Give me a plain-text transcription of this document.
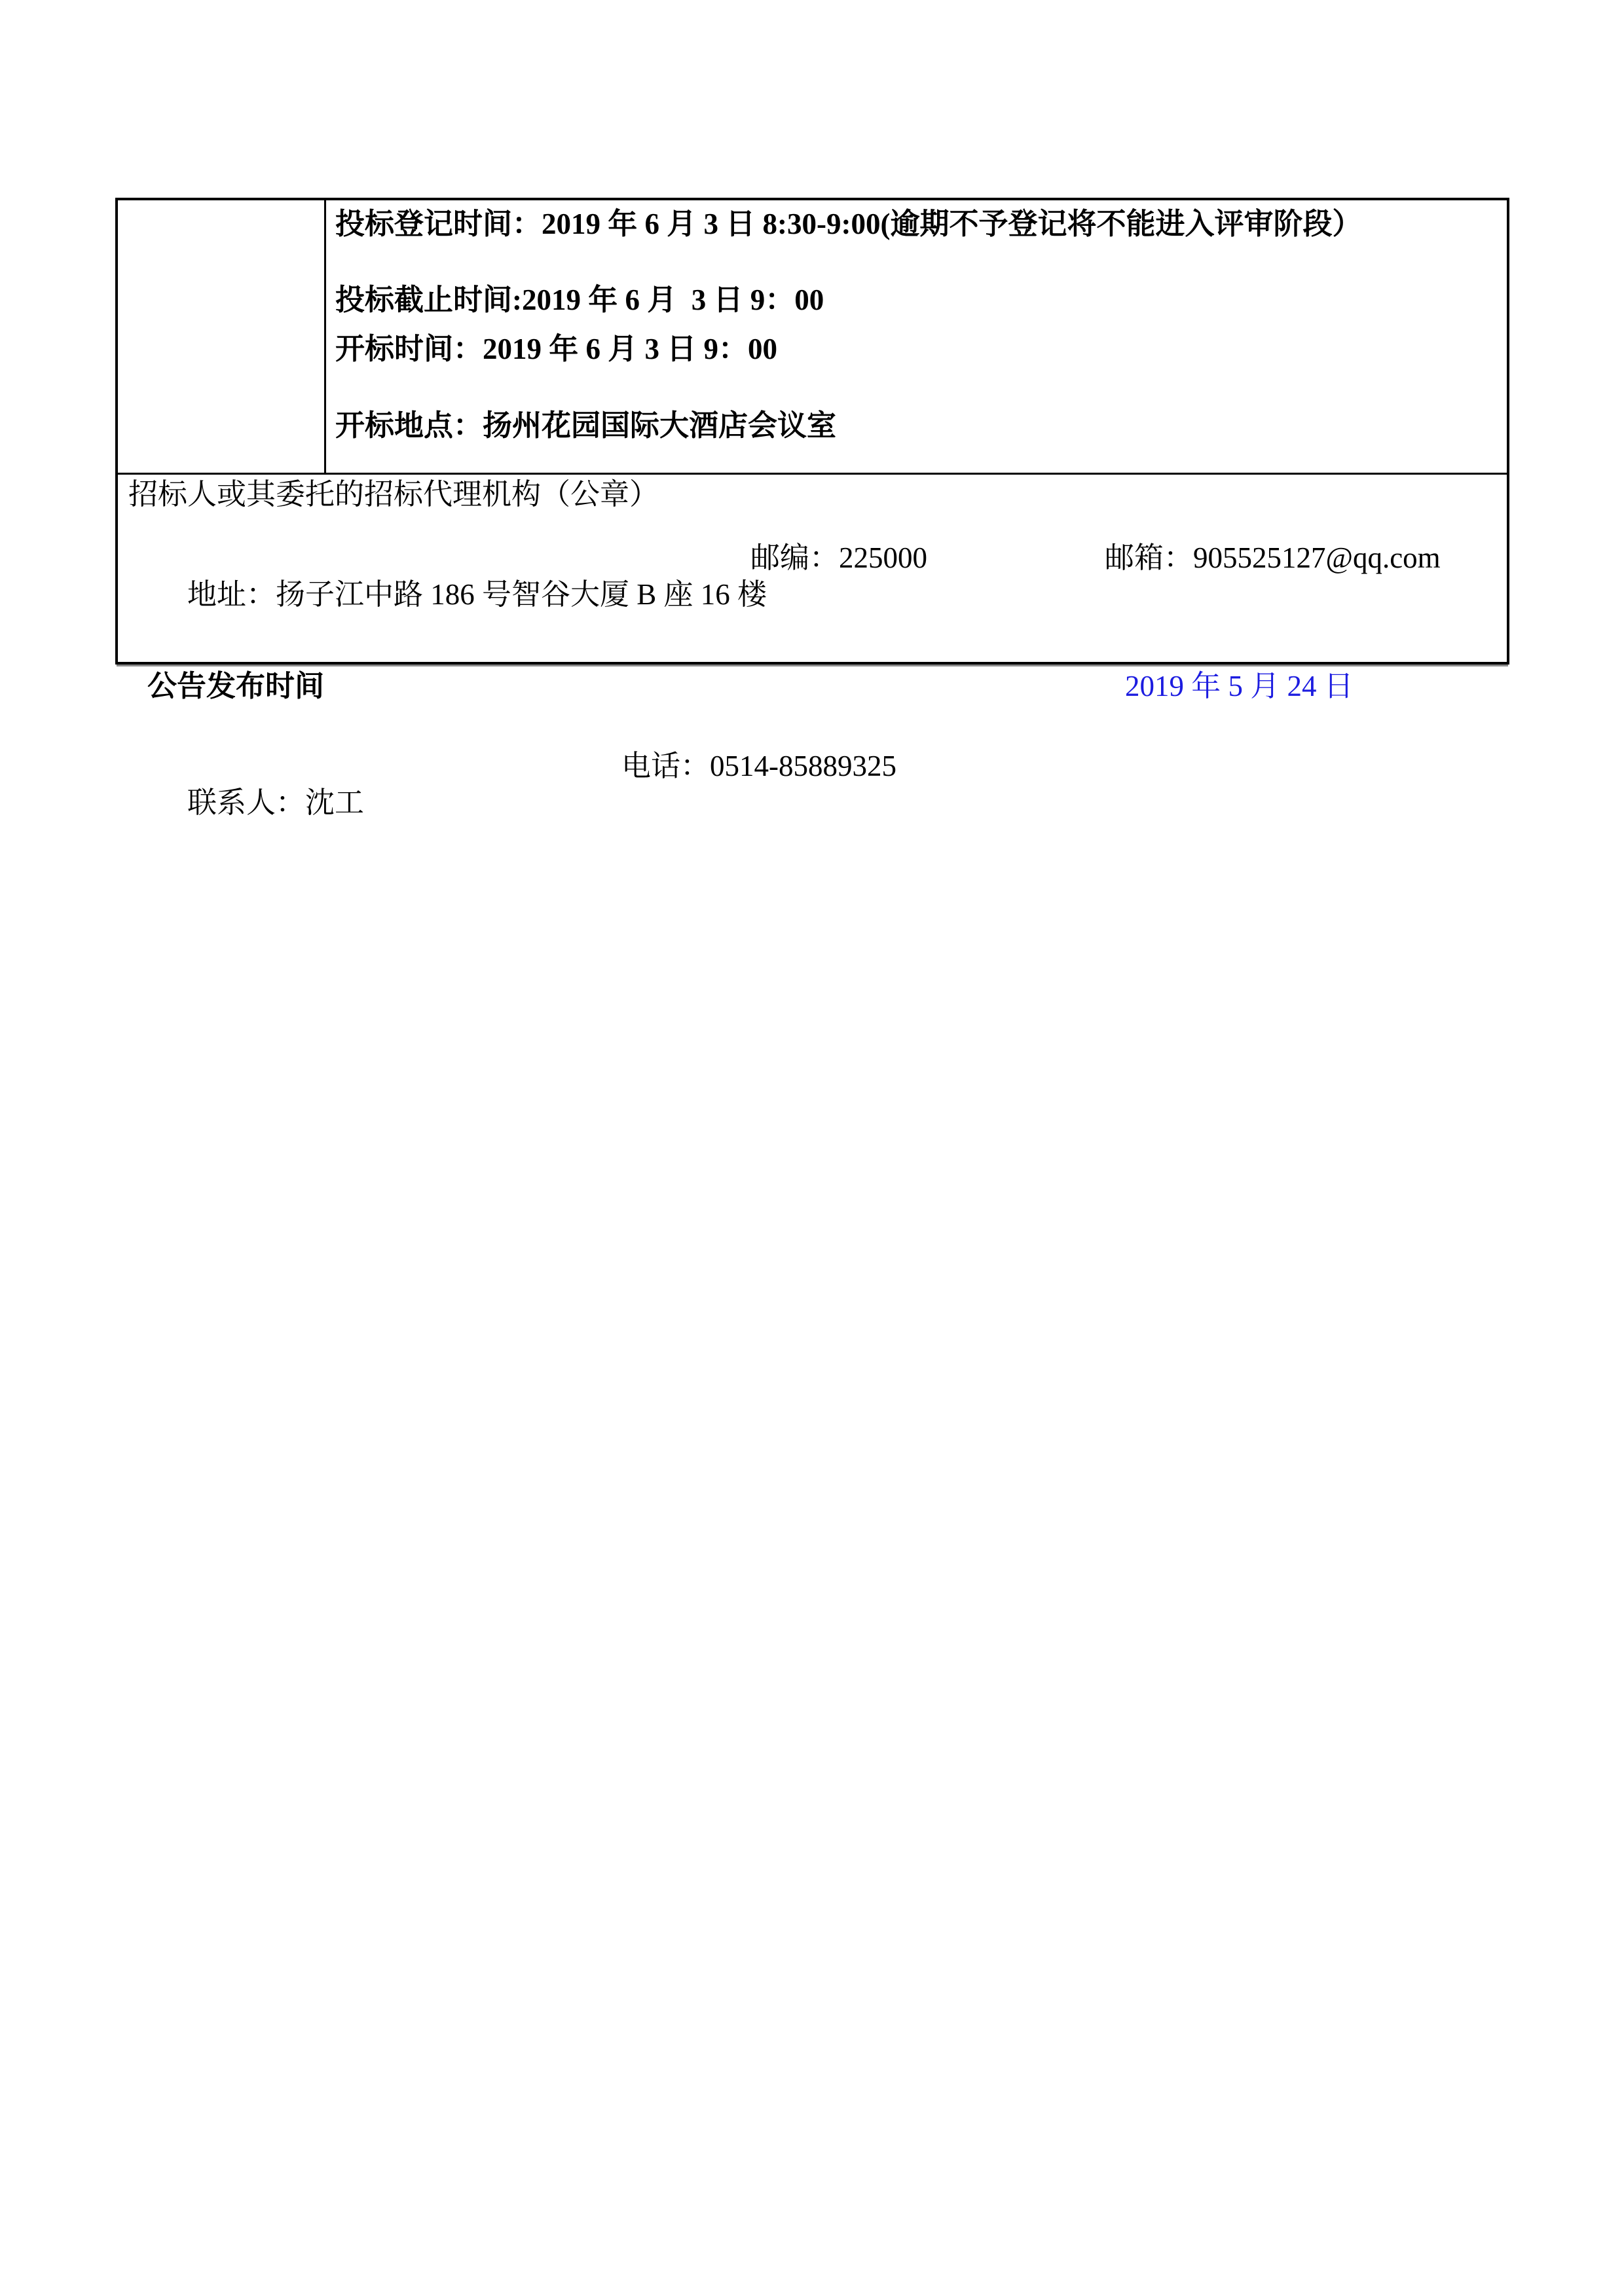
投标登记时间：2019 年 6 月 3 日 8:30-9:00(逾期不予登记将不能进入评审阶段）

投标截止时间:2019 年 6 月  3 日 9：00

开标时间：2019 年 6 月 3 日 9：00

开标地点：扬州花园国际大酒店会议室

招标人或其委托的招标代理机构（公章）

地址：扬子江中路 186 号智谷大厦 B 座 16 楼

邮编：225000

	邮箱：905525127@qq.com

联系人：沈工

电话：0514-85889325

公告发布时间

	2019 年 5 月 24 日
